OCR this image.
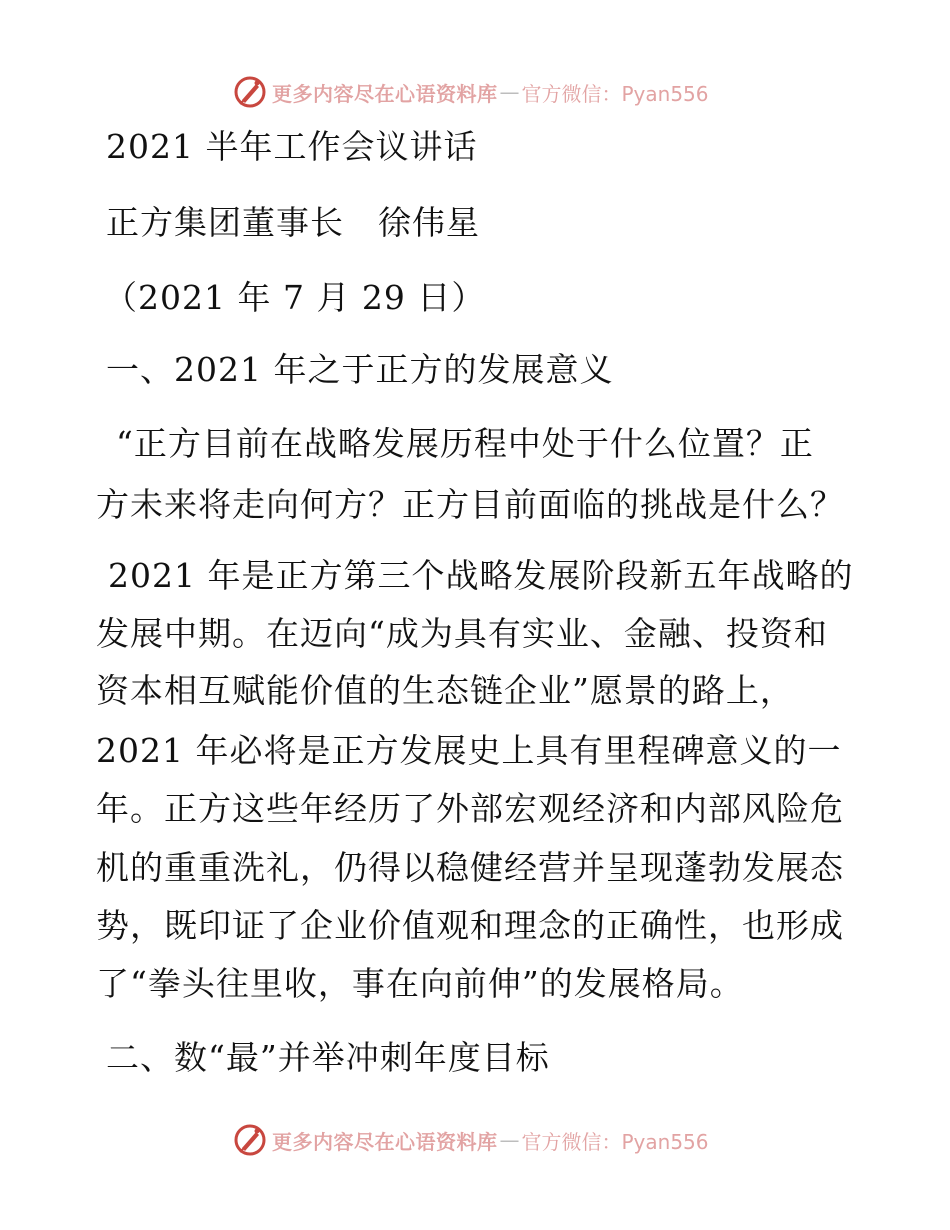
更多内容尽在心语资料库 — 官方微信：Pyan556
2021 半年工作会议讲话
正方集团董事长　徐伟星
（2021 年 7 月 29 日）
一、2021 年之于正方的发展意义
“正方目前在战略发展历程中处于什么位置？正
方未来将走向何方？正方目前面临的挑战是什么？
2021 年是正方第三个战略发展阶段新五年战略的
发展中期。在迈向“成为具有实业、金融、投资和
资本相互赋能价值的生态链企业”愿景的路上，
2021 年必将是正方发展史上具有里程碑意义的一
年。正方这些年经历了外部宏观经济和内部风险危
机的重重洗礼，仍得以稳健经营并呈现蓬勃发展态
势，既印证了企业价值观和理念的正确性，也形成
了“拳头往里收，事在向前伸”的发展格局。
二、数“最”并举冲刺年度目标
更多内容尽在心语资料库 — 官方微信：Pyan556
